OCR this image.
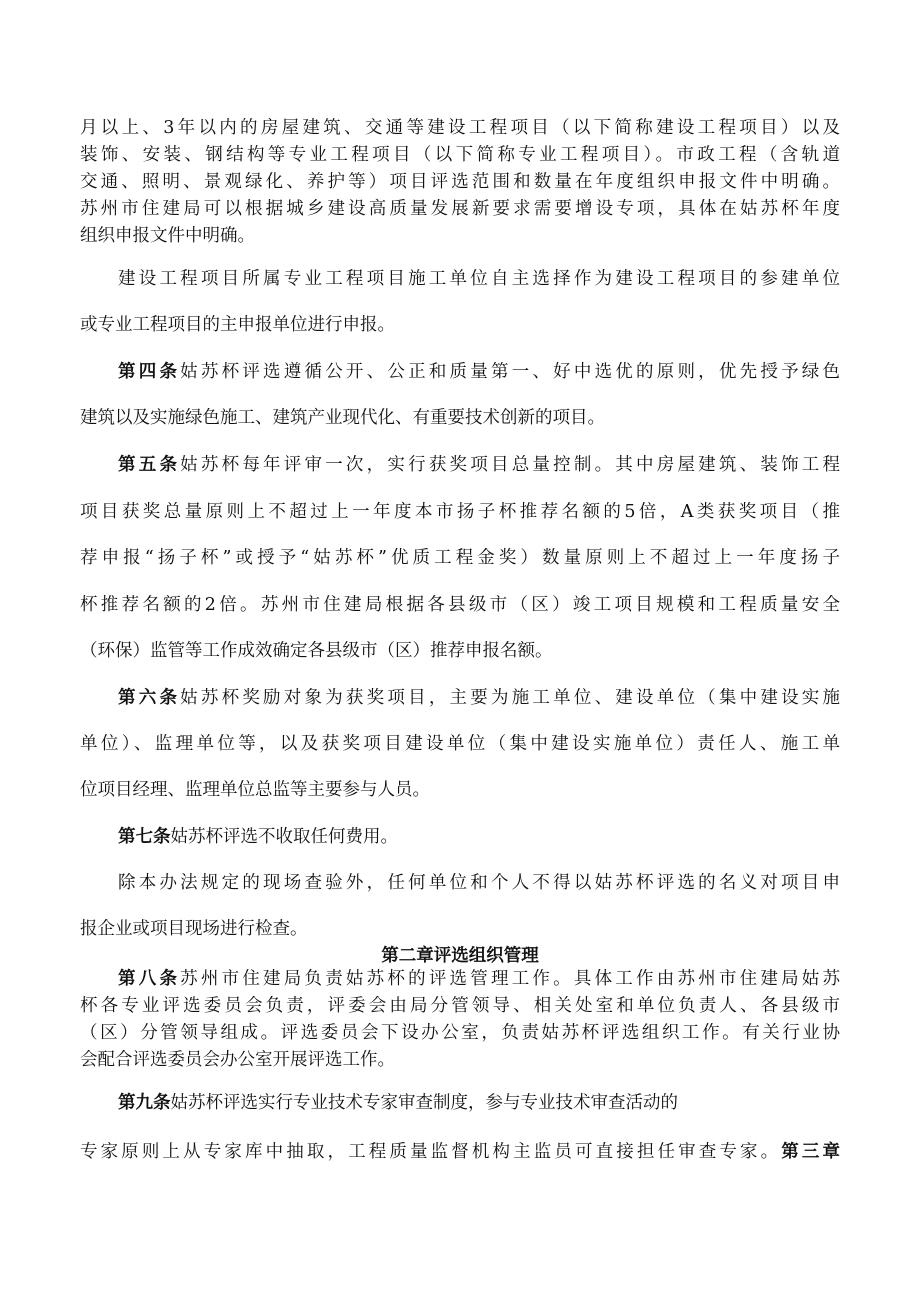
月以上、3年以内的房屋建筑、交通等建设工程项目（以下简称建设工程项目）以及
装饰、安装、钢结构等专业工程项目（以下简称专业工程项目）。市政工程（含轨道
交通、照明、景观绿化、养护等）项目评选范围和数量在年度组织申报文件中明确。
苏州市住建局可以根据城乡建设高质量发展新要求需要增设专项，具体在姑苏杯年度
组织申报文件中明确。
建设工程项目所属专业工程项目施工单位自主选择作为建设工程项目的参建单位
或专业工程项目的主申报单位进行申报。
第四条姑苏杯评选遵循公开、公正和质量第一、好中选优的原则，优先授予绿色
建筑以及实施绿色施工、建筑产业现代化、有重要技术创新的项目。
第五条姑苏杯每年评审一次，实行获奖项目总量控制。其中房屋建筑、装饰工程
项目获奖总量原则上不超过上一年度本市扬子杯推荐名额的5倍，A类获奖项目（推
荐申报“扬子杯”或授予“姑苏杯”优质工程金奖）数量原则上不超过上一年度扬子
杯推荐名额的2倍。苏州市住建局根据各县级市（区）竣工项目规模和工程质量安全
（环保）监管等工作成效确定各县级市（区）推荐申报名额。
第六条姑苏杯奖励对象为获奖项目，主要为施工单位、建设单位（集中建设实施
单位）、监理单位等，以及获奖项目建设单位（集中建设实施单位）责任人、施工单
位项目经理、监理单位总监等主要参与人员。
第七条姑苏杯评选不收取任何费用。
除本办法规定的现场查验外，任何单位和个人不得以姑苏杯评选的名义对项目申
报企业或项目现场进行检查。
第二章评选组织管理
第八条苏州市住建局负责姑苏杯的评选管理工作。具体工作由苏州市住建局姑苏
杯各专业评选委员会负责，评委会由局分管领导、相关处室和单位负责人、各县级市
（区）分管领导组成。评选委员会下设办公室，负责姑苏杯评选组织工作。有关行业协
会配合评选委员会办公室开展评选工作。
第九条姑苏杯评选实行专业技术专家审查制度，参与专业技术审查活动的
专家原则上从专家库中抽取，工程质量监督机构主监员可直接担任审查专家。第三章
